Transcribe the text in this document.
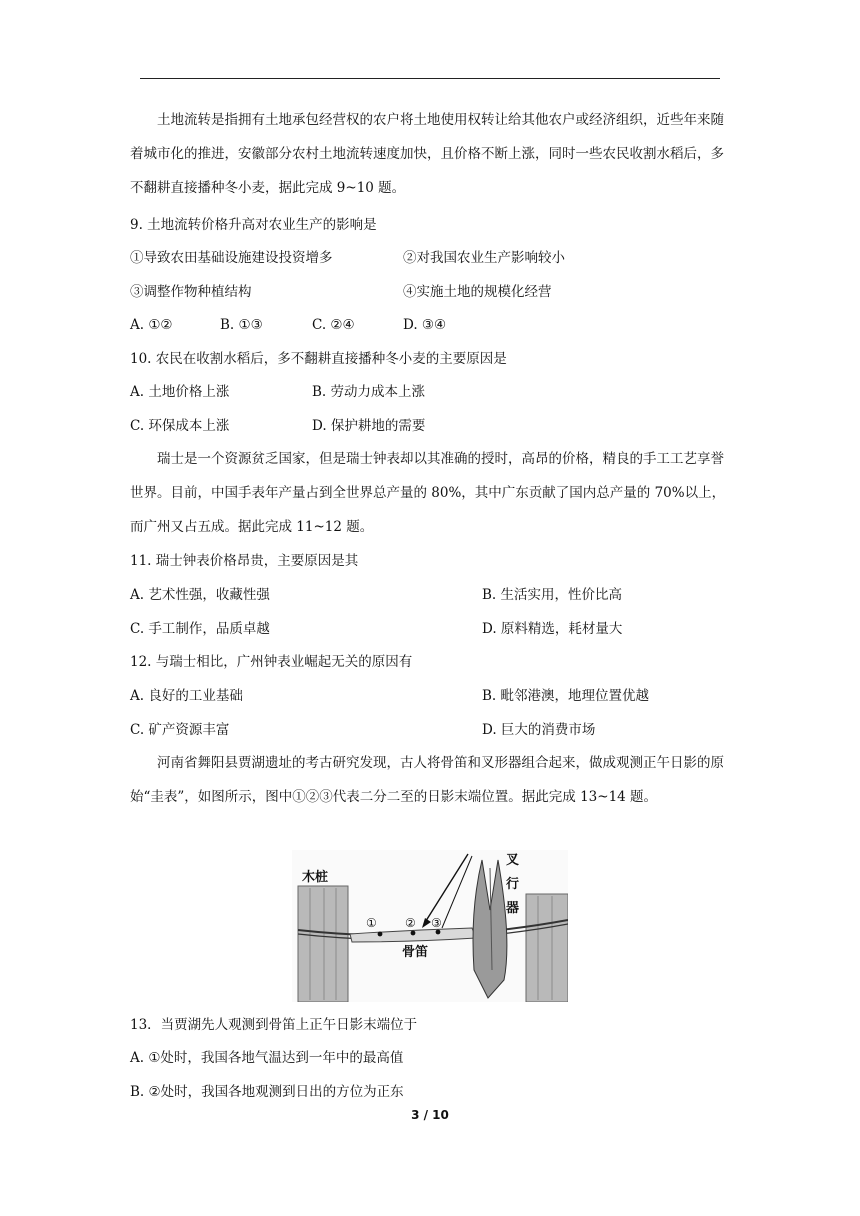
土地流转是指拥有土地承包经营权的农户将土地使用权转让给其他农户或经济组织，近些年来随着城市化的推进，安徽部分农村土地流转速度加快，且价格不断上涨，同时一些农民收割水稻后，多不翻耕直接播种冬小麦，据此完成 9~10 题。

9. 土地流转价格升高对农业生产的影响是
①导致农田基础设施建设投资增多	②对我国农业生产影响较小
③调整作物种植结构	④实施土地的规模化经营
A. ①②	B. ①③	C. ②④	D. ③④
10. 农民在收割水稻后，多不翻耕直接播种冬小麦的主要原因是
A. 土地价格上涨	B. 劳动力成本上涨
C. 环保成本上涨	D. 保护耕地的需要

瑞士是一个资源贫乏国家，但是瑞士钟表却以其准确的授时，高昂的价格，精良的手工工艺享誉世界。目前，中国手表年产量占到全世界总产量的 80%，其中广东贡献了国内总产量的 70%以上，而广州又占五成。据此完成 11~12 题。

11. 瑞士钟表价格昂贵，主要原因是其
A. 艺术性强，收藏性强	B. 生活实用，性价比高
C. 手工制作，品质卓越	D. 原料精选，耗材量大
12. 与瑞士相比，广州钟表业崛起无关的原因有
A. 良好的工业基础	B. 毗邻港澳，地理位置优越
C. 矿产资源丰富	D. 巨大的消费市场

河南省舞阳县贾湖遗址的考古研究发现，古人将骨笛和叉形器组合起来，做成观测正午日影的原始“圭表”，如图所示，图中①②③代表二分二至的日影末端位置。据此完成 13~14 题。

木桩
叉
行
器
骨笛
① ② ③
13．当贾湖先人观测到骨笛上正午日影末端位于
A. ①处时，我国各地气温达到一年中的最高值
B. ②处时，我国各地观测到日出的方位为正东
3 / 10
